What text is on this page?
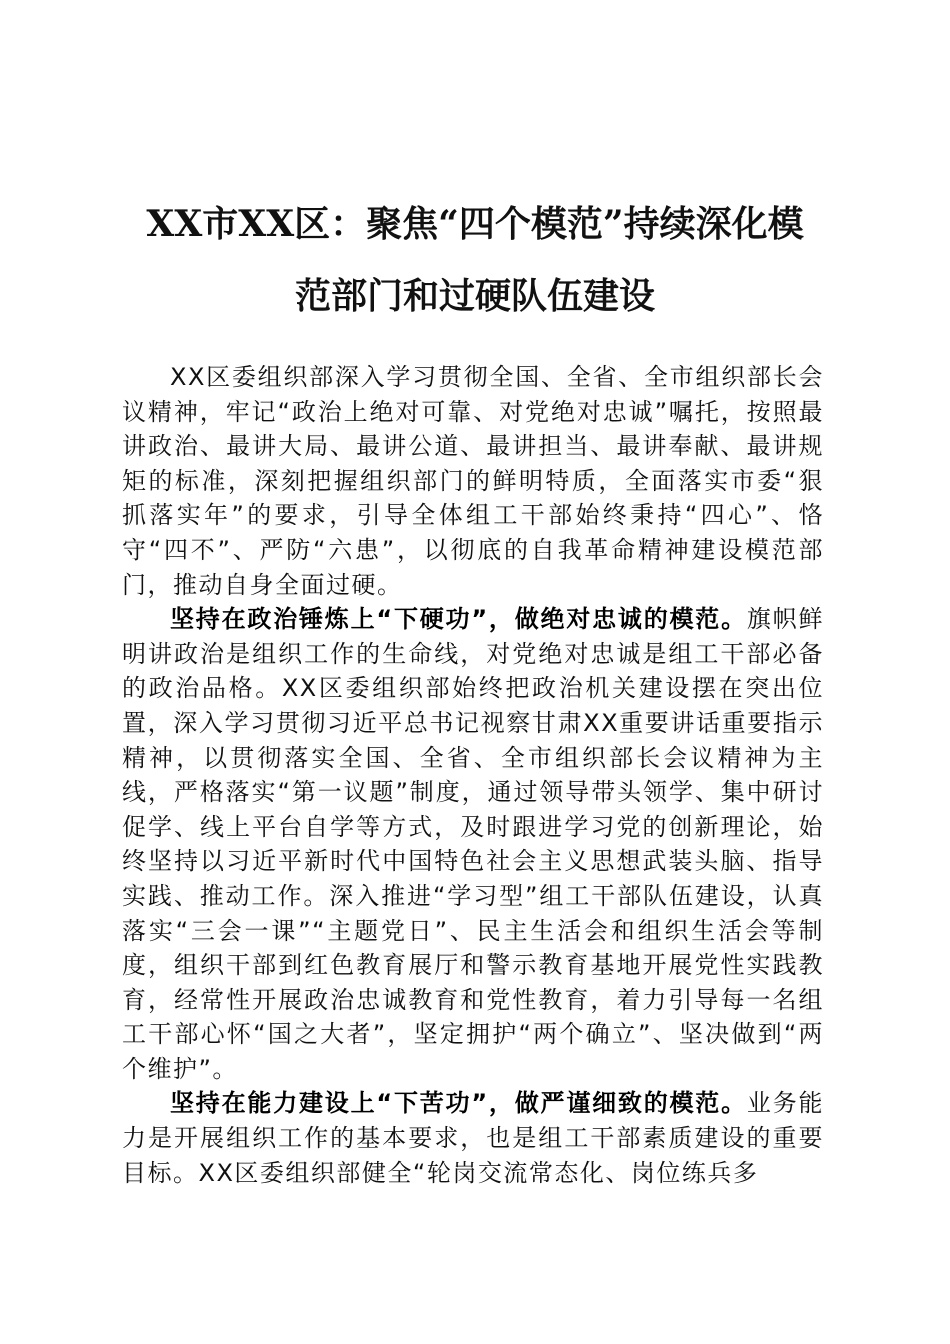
XX市XX区：聚焦“四个模范”持续深化模
范部门和过硬队伍建设

XX区委组织部深入学习贯彻全国、全省、全市组织部长会议精神，牢记“政治上绝对可靠、对党绝对忠诚”嘱托，按照最讲政治、最讲大局、最讲公道、最讲担当、最讲奉献、最讲规矩的标准，深刻把握组织部门的鲜明特质，全面落实市委“狠抓落实年”的要求，引导全体组工干部始终秉持“四心”、恪守“四不”、严防“六患”，以彻底的自我革命精神建设模范部门，推动自身全面过硬。

坚持在政治锤炼上“下硬功”，做绝对忠诚的模范。旗帜鲜明讲政治是组织工作的生命线，对党绝对忠诚是组工干部必备的政治品格。XX区委组织部始终把政治机关建设摆在突出位置，深入学习贯彻习近平总书记视察甘肃XX重要讲话重要指示精神，以贯彻落实全国、全省、全市组织部长会议精神为主线，严格落实“第一议题”制度，通过领导带头领学、集中研讨促学、线上平台自学等方式，及时跟进学习党的创新理论，始终坚持以习近平新时代中国特色社会主义思想武装头脑、指导实践、推动工作。深入推进“学习型”组工干部队伍建设，认真落实“三会一课”“主题党日”、民主生活会和组织生活会等制度，组织干部到红色教育展厅和警示教育基地开展党性实践教育，经常性开展政治忠诚教育和党性教育，着力引导每一名组工干部心怀“国之大者”，坚定拥护“两个确立”、坚决做到“两个维护”。

坚持在能力建设上“下苦功”，做严谨细致的模范。业务能力是开展组织工作的基本要求，也是组工干部素质建设的重要目标。XX区委组织部健全“轮岗交流常态化、岗位练兵多
